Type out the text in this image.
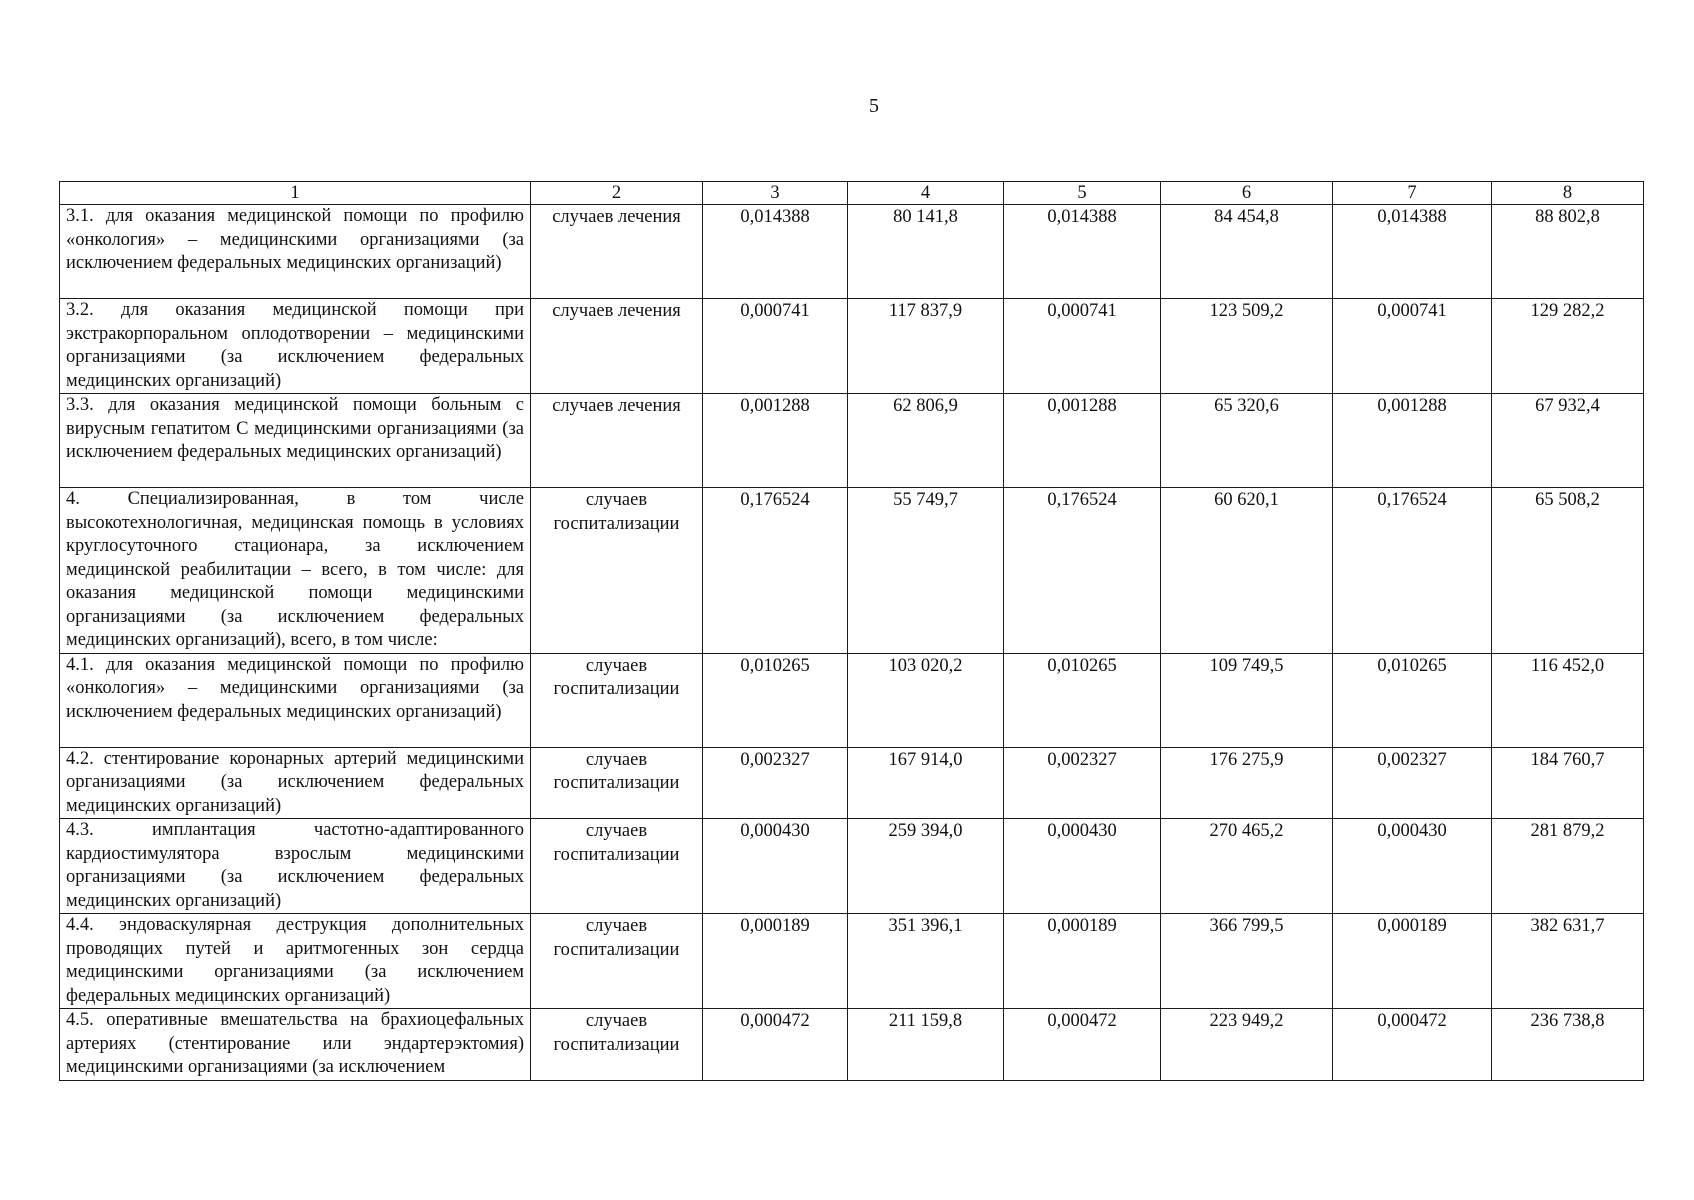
5
1	2	3	4	5	6	7	8
3.1. для оказания медицинской помощи по профилю «онкология» – медицинскими организациями (за исключением федеральных медицинских организаций)	случаев лечения	0,014388	80 141,8	0,014388	84 454,8	0,014388	88 802,8
3.2. для оказания медицинской помощи при экстракорпоральном оплодотворении – медицинскими организациями (за исключением федеральных медицинских организаций)	случаев лечения	0,000741	117 837,9	0,000741	123 509,2	0,000741	129 282,2
3.3. для оказания медицинской помощи больным с вирусным гепатитом С медицинскими организациями (за исключением федеральных медицинских организаций)	случаев лечения	0,001288	62 806,9	0,001288	65 320,6	0,001288	67 932,4
4. Специализированная, в том числе высокотехнологичная, медицинская помощь в условиях круглосуточного стационара, за исключением медицинской реабилитации – всего, в том числе: для оказания медицинской помощи медицинскими организациями (за исключением федеральных медицинских организаций), всего, в том числе:	случаев госпитализации	0,176524	55 749,7	0,176524	60 620,1	0,176524	65 508,2
4.1. для оказания медицинской помощи по профилю «онкология» – медицинскими организациями (за исключением федеральных медицинских организаций)	случаев госпитализации	0,010265	103 020,2	0,010265	109 749,5	0,010265	116 452,0
4.2. стентирование коронарных артерий медицинскими организациями (за исключением федеральных медицинских организаций)	случаев госпитализации	0,002327	167 914,0	0,002327	176 275,9	0,002327	184 760,7
4.3. имплантация частотно-адаптированного кардиостимулятора взрослым медицинскими организациями (за исключением федеральных медицинских организаций)	случаев госпитализации	0,000430	259 394,0	0,000430	270 465,2	0,000430	281 879,2
4.4. эндоваскулярная деструкция дополнительных проводящих путей и аритмогенных зон сердца медицинскими организациями (за исключением федеральных медицинских организаций)	случаев госпитализации	0,000189	351 396,1	0,000189	366 799,5	0,000189	382 631,7
4.5. оперативные вмешательства на брахиоцефальных артериях (стентирование или эндартерэктомия) медицинскими организациями (за исключением	случаев госпитализации	0,000472	211 159,8	0,000472	223 949,2	0,000472	236 738,8
